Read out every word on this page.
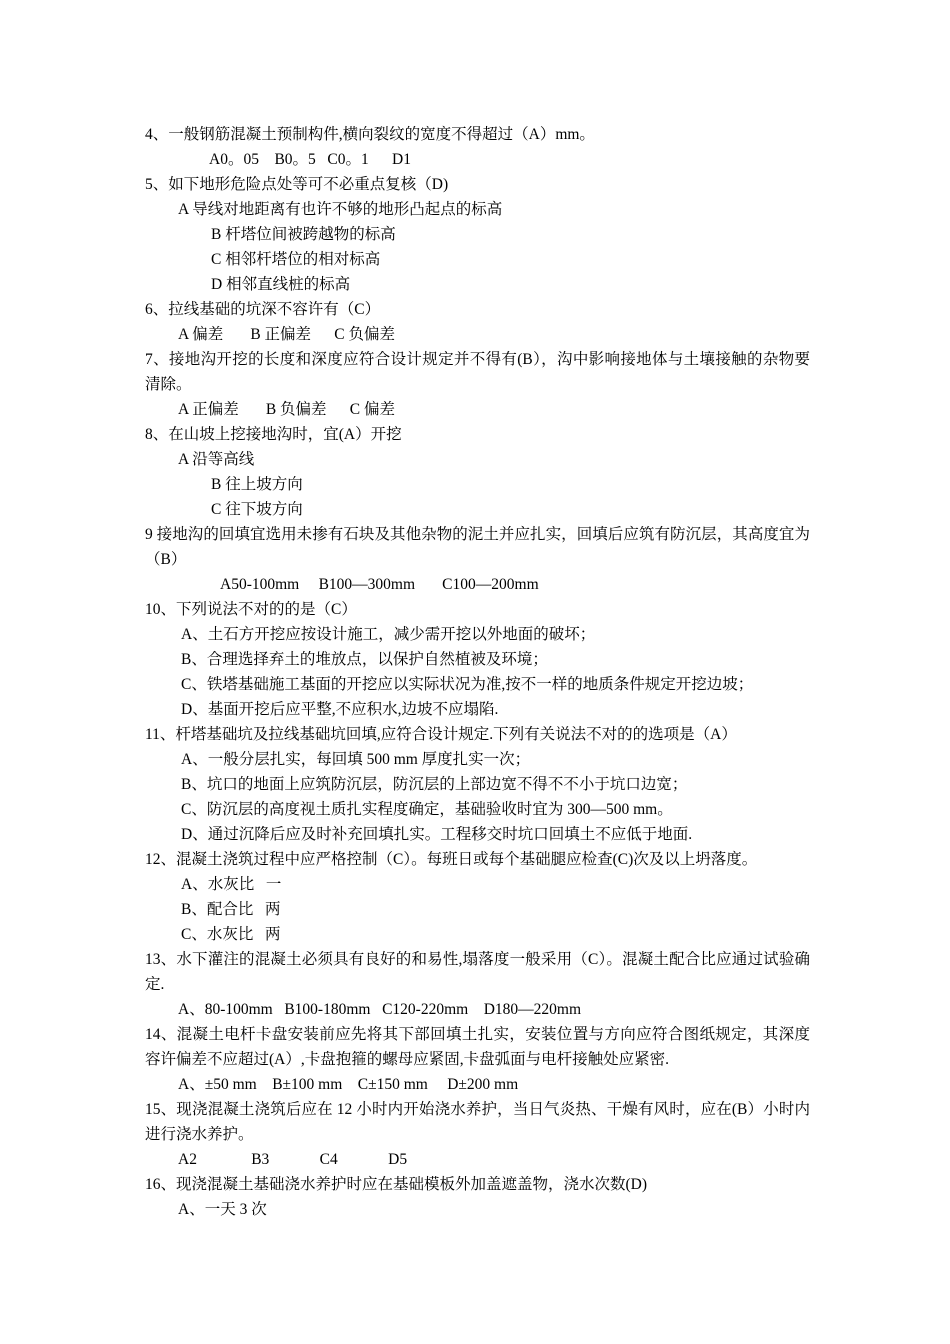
4、一般钢筋混凝土预制构件,横向裂纹的宽度不得超过（A）mm。
A0。05    B0。5   C0。1      D1
5、如下地形危险点处等可不必重点复核（D)
A 导线对地距离有也许不够的地形凸起点的标高
B 杆塔位间被跨越物的标高
C 相邻杆塔位的相对标高
D 相邻直线桩的标高
6、拉线基础的坑深不容许有（C）
A 偏差       B 正偏差      C 负偏差
7、接地沟开挖的长度和深度应符合设计规定并不得有(B），沟中影响接地体与土壤接触的杂物要清除。
A 正偏差       B 负偏差      C 偏差
8、在山坡上挖接地沟时，宜(A）开挖
A 沿等高线
B 往上坡方向
C 往下坡方向
9 接地沟的回填宜选用未掺有石块及其他杂物的泥土并应扎实，回填后应筑有防沉层，其高度宜为（B）
A50-100mm     B100—300mm       C100—200mm
10、下列说法不对的的是（C）
A、土石方开挖应按设计施工，减少需开挖以外地面的破坏；
B、合理选择弃土的堆放点，以保护自然植被及环境；
C、铁塔基础施工基面的开挖应以实际状况为准,按不一样的地质条件规定开挖边坡；
D、基面开挖后应平整,不应积水,边坡不应塌陷.
11、杆塔基础坑及拉线基础坑回填,应符合设计规定.下列有关说法不对的的选项是（A）
A、一般分层扎实，每回填 500 mm 厚度扎实一次；
B、坑口的地面上应筑防沉层，防沉层的上部边宽不得不不小于坑口边宽；
C、防沉层的高度视土质扎实程度确定，基础验收时宜为 300—500 mm。
D、通过沉降后应及时补充回填扎实。工程移交时坑口回填土不应低于地面.
12、混凝土浇筑过程中应严格控制（C）。每班日或每个基础腿应检查(C)次及以上坍落度。
A、水灰比   一
B、配合比   两
C、水灰比   两
13、水下灌注的混凝土必须具有良好的和易性,塌落度一般采用（C）。混凝土配合比应通过试验确定.
A、80-100mm   B100-180mm   C120-220mm    D180—220mm
14、混凝土电杆卡盘安装前应先将其下部回填土扎实，安装位置与方向应符合图纸规定，其深度容许偏差不应超过(A）,卡盘抱箍的螺母应紧固,卡盘弧面与电杆接触处应紧密.
A、±50 mm    B±100 mm    C±150 mm     D±200 mm
15、现浇混凝土浇筑后应在 12 小时内开始浇水养护，当日气炎热、干燥有风时，应在(B）小时内进行浇水养护。
A2              B3             C4             D5
16、现浇混凝土基础浇水养护时应在基础模板外加盖遮盖物，浇水次数(D)
A、一天 3 次
